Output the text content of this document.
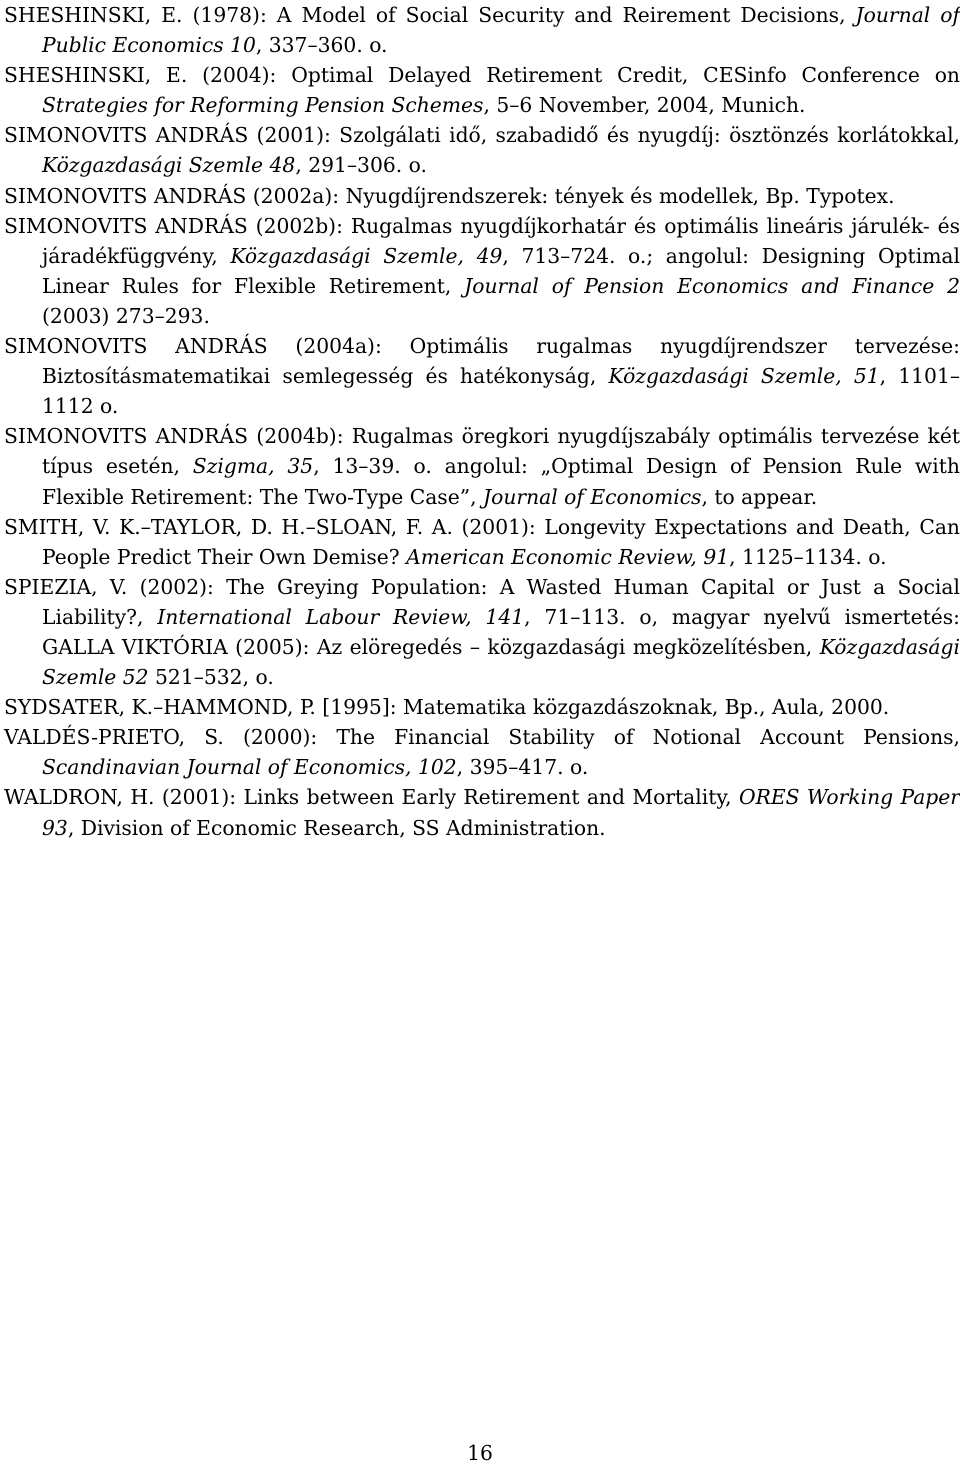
SHESHINSKI, E. (1978): A Model of Social Security and Reirement Decisions, Journal of Public Economics 10, 337–360. o.
SHESHINSKI, E. (2004): Optimal Delayed Retirement Credit, CESinfo Conference on Strategies for Reforming Pension Schemes, 5–6 November, 2004, Munich.
SIMONOVITS ANDRÁS (2001): Szolgálati idő, szabadidő és nyugdíj: ösztönzés korlátokkal, Közgazdasági Szemle 48, 291–306. o.
SIMONOVITS ANDRÁS (2002a): Nyugdíjrendszerek: tények és modellek, Bp. Typotex.
SIMONOVITS ANDRÁS (2002b): Rugalmas nyugdíjkorhatár és optimális lineáris járulék- és járadékfüggvény, Közgazdasági Szemle, 49, 713–724. o.; angolul: Designing Optimal Linear Rules for Flexible Retirement, Journal of Pension Economics and Finance 2 (2003) 273–293.
SIMONOVITS ANDRÁS (2004a): Optimális rugalmas nyugdíjrendszer tervezése: Biztosításmatematikai semlegesség és hatékonyság, Közgazdasági Szemle, 51, 1101–1112 o.
SIMONOVITS ANDRÁS (2004b): Rugalmas öregkori nyugdíjszabály optimális tervezése két típus esetén, Szigma, 35, 13–39. o. angolul: „Optimal Design of Pension Rule with Flexible Retirement: The Two-Type Case”, Journal of Economics, to appear.
SMITH, V. K.–TAYLOR, D. H.–SLOAN, F. A. (2001): Longevity Expectations and Death, Can People Predict Their Own Demise? American Economic Review, 91, 1125–1134. o.
SPIEZIA, V. (2002): The Greying Population: A Wasted Human Capital or Just a Social Liability?, International Labour Review, 141, 71–113. o, magyar nyelvű ismertetés: GALLA VIKTÓRIA (2005): Az elöregedés – közgazdasági megközelítésben, Közgazdasági Szemle 52 521–532, o.
SYDSATER, K.–HAMMOND, P. [1995]: Matematika közgazdászoknak, Bp., Aula, 2000.
VALDÉS-PRIETO, S. (2000): The Financial Stability of Notional Account Pensions, Scandinavian Journal of Economics, 102, 395–417. o.
WALDRON, H. (2001): Links between Early Retirement and Mortality, ORES Working Paper 93, Division of Economic Research, SS Administration.
16
